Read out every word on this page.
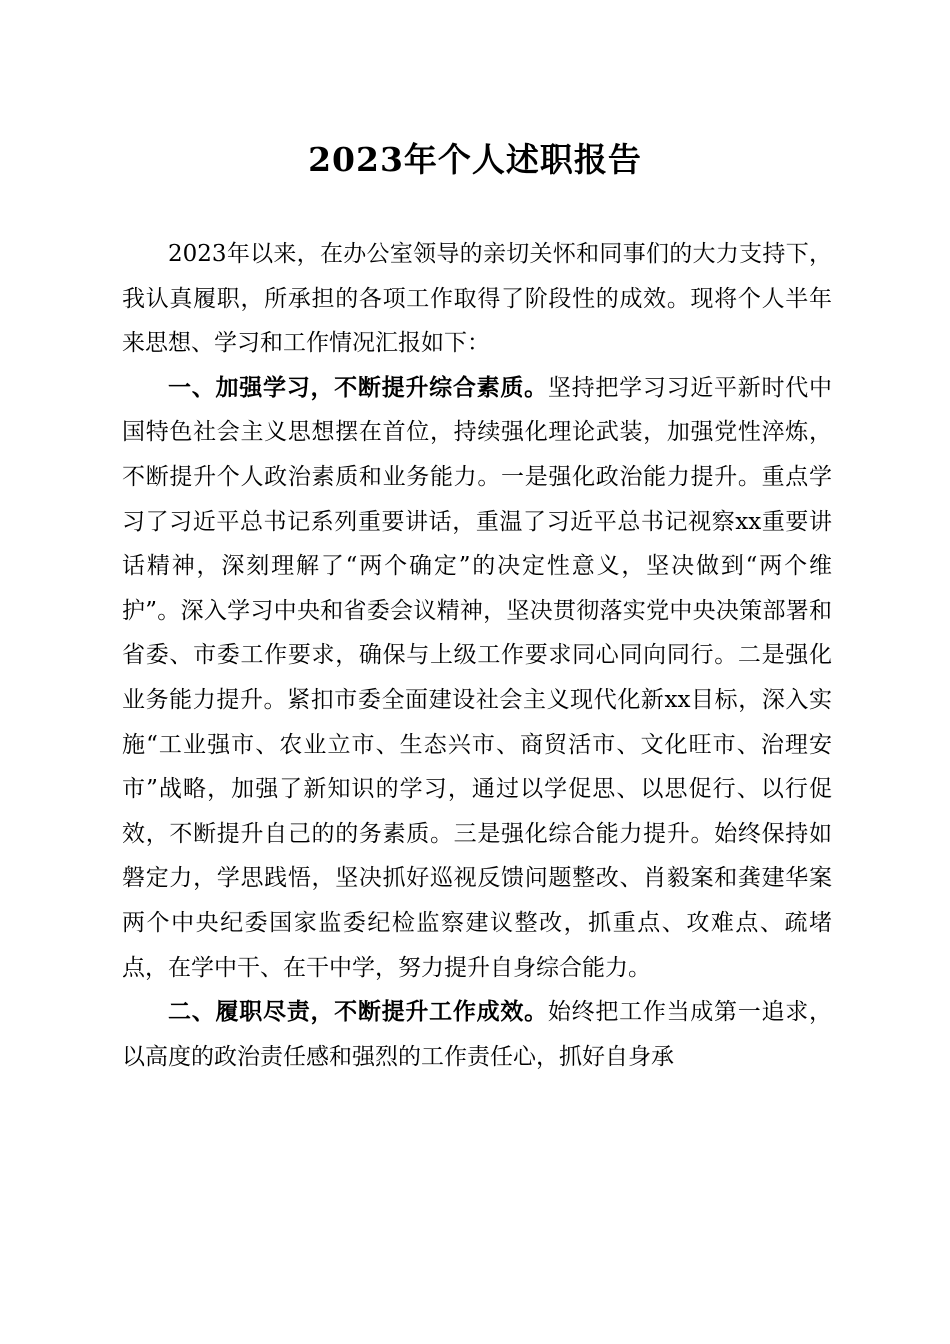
2023年个人述职报告

2023年以来，在办公室领导的亲切关怀和同事们的大力支持下，我认真履职，所承担的各项工作取得了阶段性的成效。现将个人半年来思想、学习和工作情况汇报如下：

一、加强学习，不断提升综合素质。坚持把学习习近平新时代中国特色社会主义思想摆在首位，持续强化理论武装，加强党性淬炼，不断提升个人政治素质和业务能力。一是强化政治能力提升。重点学习了习近平总书记系列重要讲话，重温了习近平总书记视察xx重要讲话精神，深刻理解了“两个确定”的决定性意义，坚决做到“两个维护”。深入学习中央和省委会议精神，坚决贯彻落实党中央决策部署和省委、市委工作要求，确保与上级工作要求同心同向同行。二是强化业务能力提升。紧扣市委全面建设社会主义现代化新xx目标，深入实施“工业强市、农业立市、生态兴市、商贸活市、文化旺市、治理安市”战略，加强了新知识的学习，通过以学促思、以思促行、以行促效，不断提升自己的的务素质。三是强化综合能力提升。始终保持如磐定力，学思践悟，坚决抓好巡视反馈问题整改、肖毅案和龚建华案两个中央纪委国家监委纪检监察建议整改，抓重点、攻难点、疏堵点，在学中干、在干中学，努力提升自身综合能力。

二、履职尽责，不断提升工作成效。始终把工作当成第一追求，以高度的政治责任感和强烈的工作责任心，抓好自身承
